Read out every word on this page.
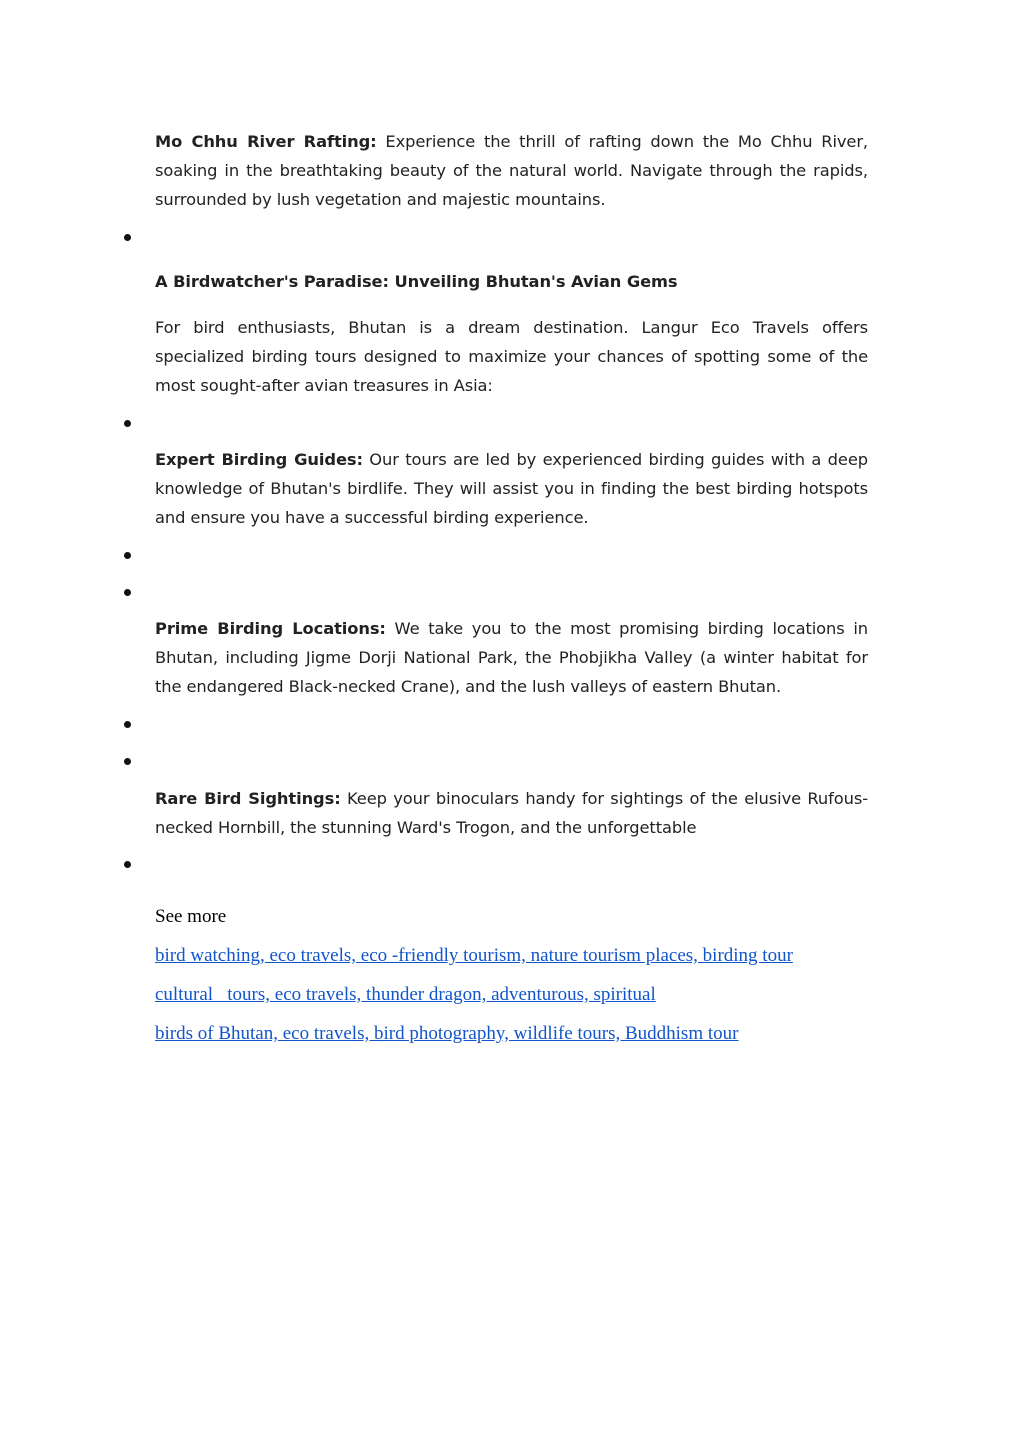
Mo Chhu River Rafting: Experience the thrill of rafting down the Mo Chhu River, soaking in the breathtaking beauty of the natural world. Navigate through the rapids, surrounded by lush vegetation and majestic mountains.

A Birdwatcher's Paradise: Unveiling Bhutan's Avian Gems

For bird enthusiasts, Bhutan is a dream destination. Langur Eco Travels offers specialized birding tours designed to maximize your chances of spotting some of the most sought-after avian treasures in Asia:

Expert Birding Guides: Our tours are led by experienced birding guides with a deep knowledge of Bhutan's birdlife. They will assist you in finding the best birding hotspots and ensure you have a successful birding experience.

Prime Birding Locations: We take you to the most promising birding locations in Bhutan, including Jigme Dorji National Park, the Phobjikha Valley (a winter habitat for the endangered Black-necked Crane), and the lush valleys of eastern Bhutan.

Rare Bird Sightings: Keep your binoculars handy for sightings of the elusive Rufous-necked Hornbill, the stunning Ward's Trogon, and the unforgettable

See more

bird watching, eco travels, eco -friendly tourism, nature tourism places, birding tour
cultural   tours, eco travels, thunder dragon, adventurous, spiritual
birds of Bhutan, eco travels, bird photography, wildlife tours, Buddhism tour
